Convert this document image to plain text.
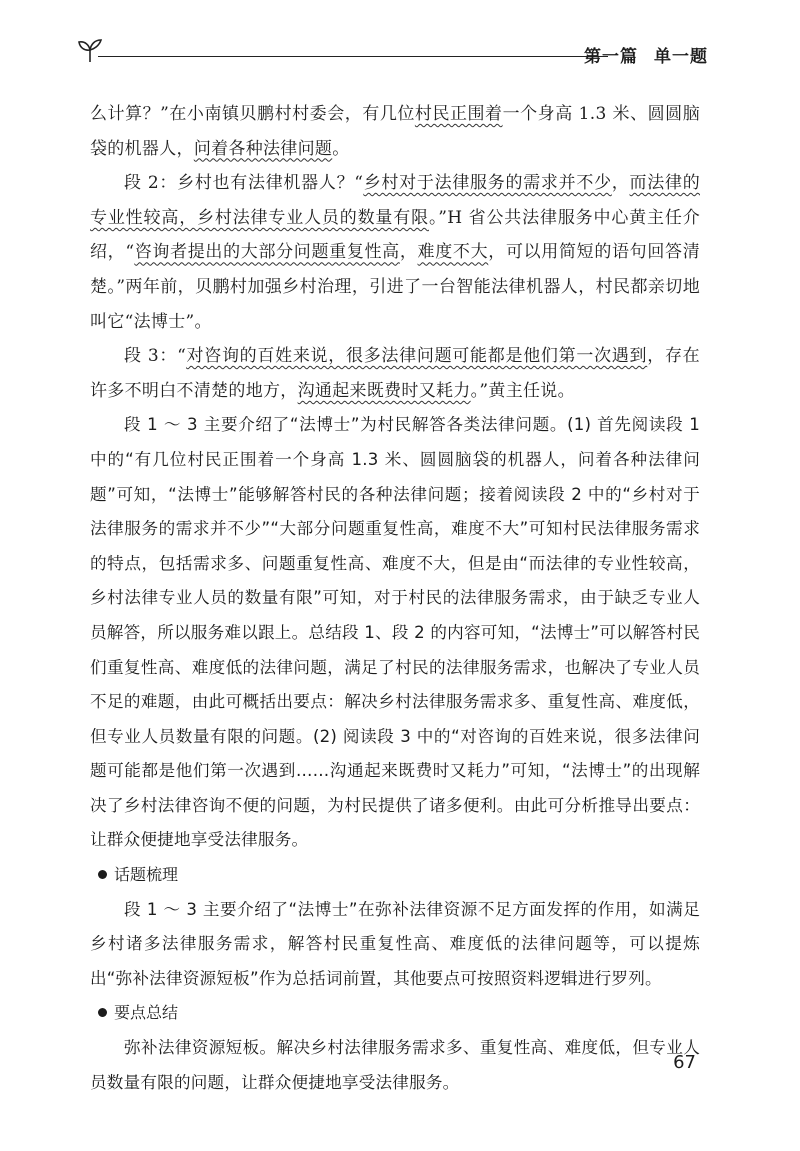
第一篇 单一题

么计算？”在小南镇贝鹏村村委会，有几位村民正围着一个身高 1.3 米、圆圆脑袋的机器人，问着各种法律问题。

段 2：乡村也有法律机器人？“乡村对于法律服务的需求并不少，而法律的专业性较高，乡村法律专业人员的数量有限。”H 省公共法律服务中心黄主任介绍，“咨询者提出的大部分问题重复性高，难度不大，可以用简短的语句回答清楚。”两年前，贝鹏村加强乡村治理，引进了一台智能法律机器人，村民都亲切地叫它“法博士”。

段 3：“对咨询的百姓来说，很多法律问题可能都是他们第一次遇到，存在许多不明白不清楚的地方，沟通起来既费时又耗力。”黄主任说。

段 1 ～ 3 主要介绍了“法博士”为村民解答各类法律问题。(1) 首先阅读段 1 中的“有几位村民正围着一个身高 1.3 米、圆圆脑袋的机器人，问着各种法律问题”可知，“法博士”能够解答村民的各种法律问题；接着阅读段 2 中的“乡村对于法律服务的需求并不少”“大部分问题重复性高，难度不大”可知村民法律服务需求的特点，包括需求多、问题重复性高、难度不大，但是由“而法律的专业性较高，乡村法律专业人员的数量有限”可知，对于村民的法律服务需求，由于缺乏专业人员解答，所以服务难以跟上。总结段 1、段 2 的内容可知，“法博士”可以解答村民们重复性高、难度低的法律问题，满足了村民的法律服务需求，也解决了专业人员不足的难题，由此可概括出要点：解决乡村法律服务需求多、重复性高、难度低，但专业人员数量有限的问题。(2) 阅读段 3 中的“对咨询的百姓来说，很多法律问题可能都是他们第一次遇到……沟通起来既费时又耗力”可知，“法博士”的出现解决了乡村法律咨询不便的问题，为村民提供了诸多便利。由此可分析推导出要点：让群众便捷地享受法律服务。

话题梳理

段 1 ～ 3 主要介绍了“法博士”在弥补法律资源不足方面发挥的作用，如满足乡村诸多法律服务需求，解答村民重复性高、难度低的法律问题等，可以提炼出“弥补法律资源短板”作为总括词前置，其他要点可按照资料逻辑进行罗列。

要点总结

弥补法律资源短板。解决乡村法律服务需求多、重复性高、难度低，但专业人员数量有限的问题，让群众便捷地享受法律服务。

67
